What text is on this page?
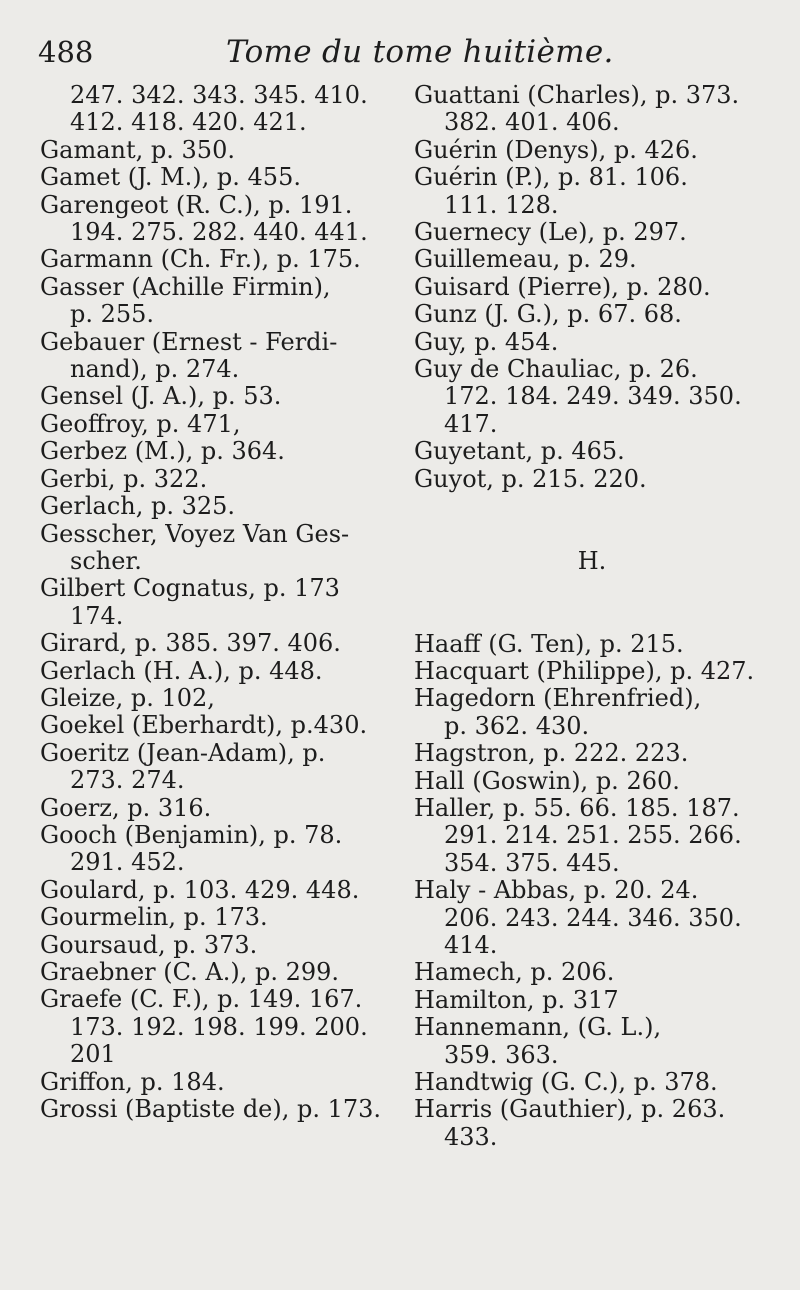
488	Tome du tome huitième.
247. 342. 343. 345. 410.
412. 418. 420. 421.
Gamant, p. 350.
Gamet (J. M.), p. 455.
Garengeot (R. C.), p. 191.
194. 275. 282. 440. 441.
Garmann (Ch. Fr.), p. 175.
Gasser (Achille Firmin),
p. 255.
Gebauer (Ernest - Ferdi-
nand), p. 274.
Gensel (J. A.), p. 53.
Geoffroy, p. 471,
Gerbez (M.), p. 364.
Gerbi, p. 322.
Gerlach, p. 325.
Gesscher, Voyez Van Ges-
scher.
Gilbert Cognatus, p. 173
174.
Girard, p. 385. 397. 406.
Gerlach (H. A.), p. 448.
Gleize, p. 102,
Goekel (Eberhardt), p.430.
Goeritz (Jean-Adam), p.
273. 274.
Goerz, p. 316.
Gooch (Benjamin), p. 78.
291. 452.
Goulard, p. 103. 429. 448.
Gourmelin, p. 173.
Goursaud, p. 373.
Graebner (C. A.), p. 299.
Graefe (C. F.), p. 149. 167.
173. 192. 198. 199. 200.
201
Griffon, p. 184.
Grossi (Baptiste de), p. 173.
Guattani (Charles), p. 373.
382. 401. 406.
Guérin (Denys), p. 426.
Guérin (P.), p. 81. 106.
111. 128.
Guernecy (Le), p. 297.
Guillemeau, p. 29.
Guisard (Pierre), p. 280.
Gunz (J. G.), p. 67. 68.
Guy, p. 454.
Guy de Chauliac, p. 26.
172. 184. 249. 349. 350.
417.
Guyetant, p. 465.
Guyot, p. 215. 220.
H.
Haaff (G. Ten), p. 215.
Hacquart (Philippe), p. 427.
Hagedorn (Ehrenfried),
p. 362. 430.
Hagstron, p. 222. 223.
Hall (Goswin), p. 260.
Haller, p. 55. 66. 185. 187.
291. 214. 251. 255. 266.
354. 375. 445.
Haly - Abbas, p. 20. 24.
206. 243. 244. 346. 350.
414.
Hamech, p. 206.
Hamilton, p. 317
Hannemann, (G. L.),
359. 363.
Handtwig (G. C.), p. 378.
Harris (Gauthier), p. 263.
433.
